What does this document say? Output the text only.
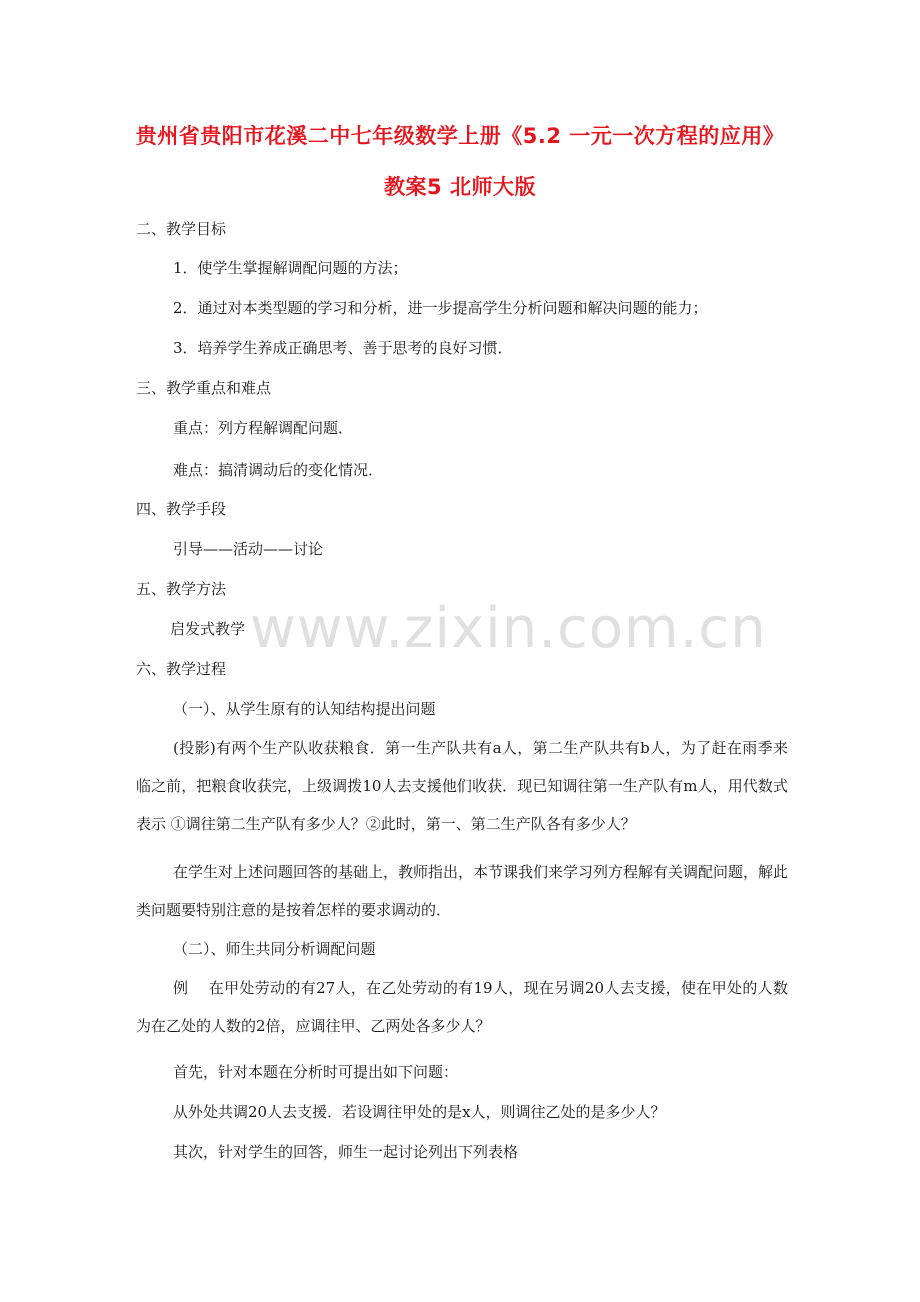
贵州省贵阳市花溪二中七年级数学上册《5.2 一元一次方程的应用》
教案5 北师大版
二、教学目标
1．使学生掌握解调配问题的方法；
2．通过对本类型题的学习和分析，进一步提高学生分析问题和解决问题的能力；
3．培养学生养成正确思考、善于思考的良好习惯．
三、教学重点和难点
重点：列方程解调配问题．
难点：搞清调动后的变化情况．
四、教学手段
引导——活动——讨论
五、教学方法
启发式教学
六、教学过程
（一）、从学生原有的认知结构提出问题
(投影)有两个生产队收获粮食．第一生产队共有a人，第二生产队共有b人，为了赶在雨季来临之前，把粮食收获完，上级调拨10人去支援他们收获．现已知调往第一生产队有m人，用代数式表示 ①调往第二生产队有多少人？②此时，第一、第二生产队各有多少人？
在学生对上述问题回答的基础上，教师指出，本节课我们来学习列方程解有关调配问题，解此类问题要特别注意的是按着怎样的要求调动的．
（二）、师生共同分析调配问题
例　 在甲处劳动的有27人，在乙处劳动的有19人，现在另调20人去支援，使在甲处的人数为在乙处的人数的2倍，应调往甲、乙两处各多少人？
首先，针对本题在分析时可提出如下问题：
从外处共调20人去支援．若设调往甲处的是x人，则调往乙处的是多少人？
其次，针对学生的回答，师生一起讨论列出下列表格
www.zixin.com.cn
